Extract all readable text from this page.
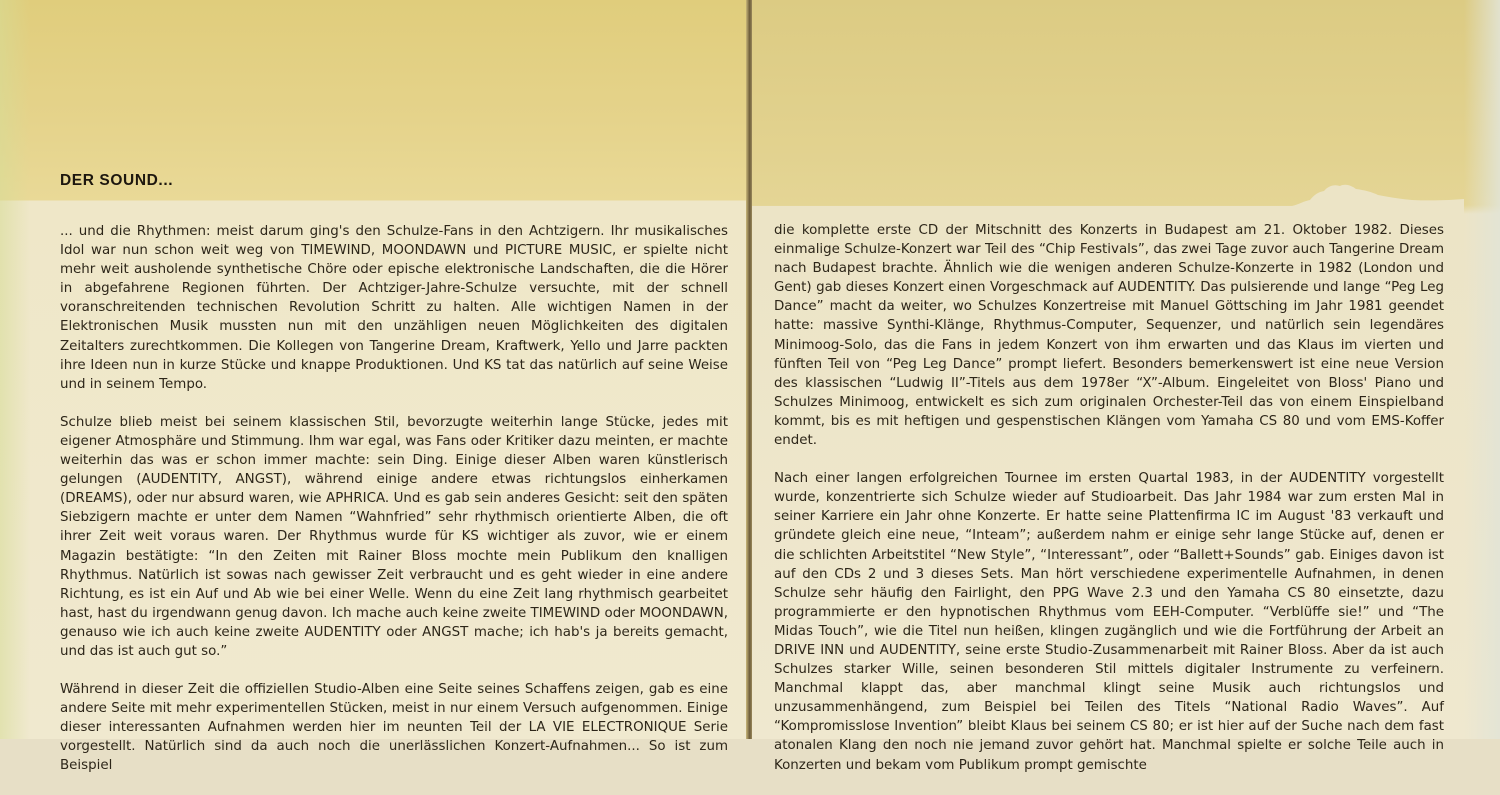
DER SOUND...

... und die Rhythmen: meist darum ging's den Schulze-Fans in den Achtzigern. Ihr musikalisches Idol war nun schon weit weg von TIMEWIND, MOONDAWN und PICTURE MUSIC, er spielte nicht mehr weit ausholende synthetische Chöre oder epische elektronische Landschaften, die die Hörer in abgefahrene Regionen führten. Der Achtziger-Jahre-Schulze versuchte, mit der schnell voranschreitenden technischen Revolution Schritt zu halten. Alle wichtigen Namen in der Elektronischen Musik mussten nun mit den unzähligen neuen Möglichkeiten des digitalen Zeitalters zurechtkommen. Die Kollegen von Tangerine Dream, Kraftwerk, Yello und Jarre packten ihre Ideen nun in kurze Stücke und knappe Produktionen. Und KS tat das natürlich auf seine Weise und in seinem Tempo.

Schulze blieb meist bei seinem klassischen Stil, bevorzugte weiterhin lange Stücke, jedes mit eigener Atmosphäre und Stimmung. Ihm war egal, was Fans oder Kritiker dazu meinten, er machte weiterhin das was er schon immer machte: sein Ding. Einige dieser Alben waren künstlerisch gelungen (AUDENTITY, ANGST), während einige andere etwas richtungslos einherkamen (DREAMS), oder nur absurd waren, wie APHRICA. Und es gab sein anderes Gesicht: seit den späten Siebzigern machte er unter dem Namen “Wahnfried” sehr rhythmisch orientierte Alben, die oft ihrer Zeit weit voraus waren. Der Rhythmus wurde für KS wichtiger als zuvor, wie er einem Magazin bestätigte: “In den Zeiten mit Rainer Bloss mochte mein Publikum den knalligen Rhythmus. Natürlich ist sowas nach gewisser Zeit verbraucht und es geht wieder in eine andere Richtung, es ist ein Auf und Ab wie bei einer Welle. Wenn du eine Zeit lang rhythmisch gearbeitet hast, hast du irgendwann genug davon. Ich mache auch keine zweite TIMEWIND oder MOONDAWN, genauso wie ich auch keine zweite AUDENTITY oder ANGST mache; ich hab's ja bereits gemacht, und das ist auch gut so.”

Während in dieser Zeit die offiziellen Studio-Alben eine Seite seines Schaffens zeigen, gab es eine andere Seite mit mehr experimentellen Stücken, meist in nur einem Versuch aufgenommen. Einige dieser interessanten Aufnahmen werden hier im neunten Teil der LA VIE ELECTRONIQUE Serie vorgestellt. Natürlich sind da auch noch die unerlässlichen Konzert-Aufnahmen... So ist zum Beispiel

die komplette erste CD der Mitschnitt des Konzerts in Budapest am 21. Oktober 1982. Dieses einmalige Schulze-Konzert war Teil des “Chip Festivals”, das zwei Tage zuvor auch Tangerine Dream nach Budapest brachte. Ähnlich wie die wenigen anderen Schulze-Konzerte in 1982 (London und Gent) gab dieses Konzert einen Vorgeschmack auf AUDENTITY. Das pulsierende und lange “Peg Leg Dance” macht da weiter, wo Schulzes Konzertreise mit Manuel Göttsching im Jahr 1981 geendet hatte: massive Synthi-Klänge, Rhythmus-Computer, Sequenzer, und natürlich sein legendäres Minimoog-Solo, das die Fans in jedem Konzert von ihm erwarten und das Klaus im vierten und fünften Teil von “Peg Leg Dance” prompt liefert. Besonders bemerkenswert ist eine neue Version des klassischen “Ludwig II”-Titels aus dem 1978er “X”-Album. Eingeleitet von Bloss' Piano und Schulzes Minimoog, entwickelt es sich zum originalen Orchester-Teil das von einem Einspielband kommt, bis es mit heftigen und gespenstischen Klängen vom Yamaha CS 80 und vom EMS-Koffer endet.

Nach einer langen erfolgreichen Tournee im ersten Quartal 1983, in der AUDENTITY vorgestellt wurde, konzentrierte sich Schulze wieder auf Studioarbeit. Das Jahr 1984 war zum ersten Mal in seiner Karriere ein Jahr ohne Konzerte. Er hatte seine Plattenfirma IC im August '83 verkauft und gründete gleich eine neue, “Inteam”; außerdem nahm er einige sehr lange Stücke auf, denen er die schlichten Arbeitstitel “New Style”, “Interessant”, oder “Ballett+Sounds” gab. Einiges davon ist auf den CDs 2 und 3 dieses Sets. Man hört verschiedene experimentelle Aufnahmen, in denen Schulze sehr häufig den Fairlight, den PPG Wave 2.3 und den Yamaha CS 80 einsetzte, dazu programmierte er den hypnotischen Rhythmus vom EEH-Computer. “Verblüffe sie!” und “The Midas Touch”, wie die Titel nun heißen, klingen zugänglich und wie die Fortführung der Arbeit an DRIVE INN und AUDENTITY, seine erste Studio-Zusammenarbeit mit Rainer Bloss. Aber da ist auch Schulzes starker Wille, seinen besonderen Stil mittels digitaler Instrumente zu verfeinern. Manchmal klappt das, aber manchmal klingt seine Musik auch richtungslos und unzusammenhängend, zum Beispiel bei Teilen des Titels “National Radio Waves”. Auf “Kompromisslose Invention” bleibt Klaus bei seinem CS 80; er ist hier auf der Suche nach dem fast atonalen Klang den noch nie jemand zuvor gehört hat. Manchmal spielte er solche Teile auch in Konzerten und bekam vom Publikum prompt gemischte
